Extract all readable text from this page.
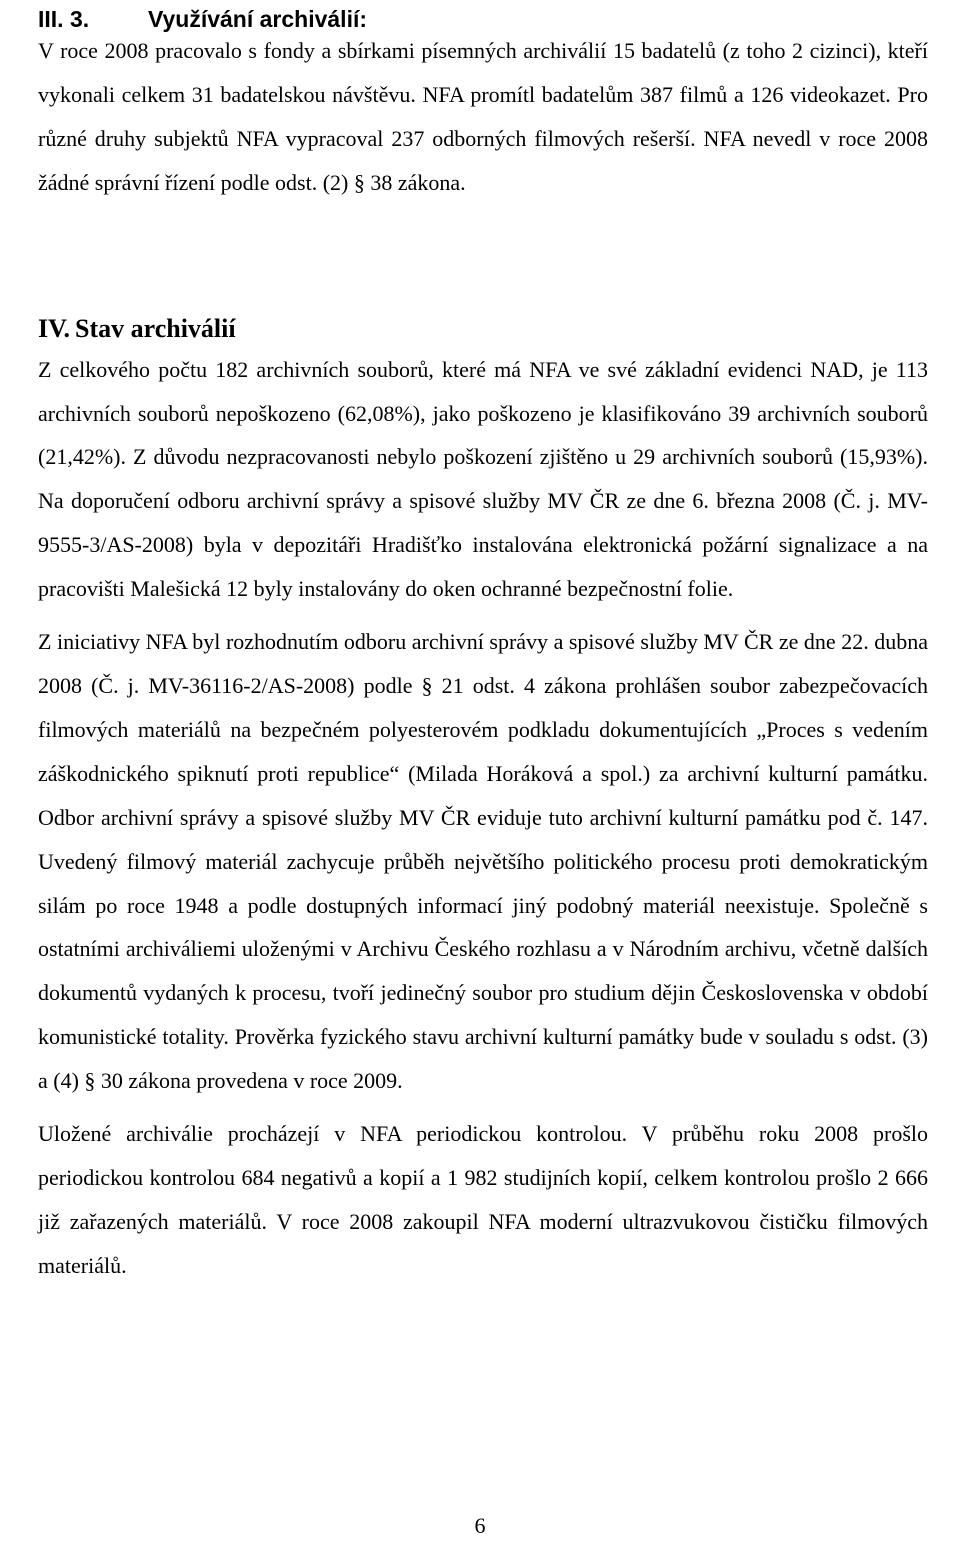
III. 3.	Využívání archiválií:

V roce 2008 pracovalo s fondy a sbírkami písemných archiválií 15 badatelů (z toho 2 cizinci), kteří vykonali celkem 31 badatelskou návštěvu. NFA promítl badatelům 387 filmů a 126 videokazet. Pro různé druhy subjektů NFA vypracoval 237 odborných filmových rešerší. NFA nevedl v roce 2008 žádné správní řízení podle odst. (2) § 38 zákona.

IV. Stav archiválií

Z celkového počtu 182 archivních souborů, které má NFA ve své základní evidenci NAD, je 113 archivních souborů nepoškozeno (62,08%), jako poškozeno je klasifikováno 39 archivních souborů (21,42%). Z důvodu nezpracovanosti nebylo poškození zjištěno u 29 archivních souborů (15,93%). Na doporučení odboru archivní správy a spisové služby MV ČR ze dne 6. března 2008 (Č. j. MV-9555-3/AS-2008) byla v depozitáři Hradišťko instalována elektronická požární signalizace a na pracovišti Malešická 12 byly instalovány do oken ochranné bezpečnostní folie.

Z iniciativy NFA byl rozhodnutím odboru archivní správy a spisové služby MV ČR ze dne 22. dubna 2008 (Č. j. MV-36116-2/AS-2008) podle § 21 odst. 4 zákona prohlášen soubor zabezpečovacích filmových materiálů na bezpečném polyesterovém podkladu dokumentujících „Proces s vedením záškodnického spiknutí proti republice“ (Milada Horáková a spol.) za archivní kulturní památku. Odbor archivní správy a spisové služby MV ČR eviduje tuto archivní kulturní památku pod č. 147. Uvedený filmový materiál zachycuje průběh největšího politického procesu proti demokratickým silám po roce 1948 a podle dostupných informací jiný podobný materiál neexistuje. Společně s ostatními archiváliemi uloženými v Archivu Českého rozhlasu a v Národním archivu, včetně dalších dokumentů vydaných k procesu, tvoří jedinečný soubor pro studium dějin Československa v období komunistické totality. Prověrka fyzického stavu archivní kulturní památky bude v souladu s odst. (3) a (4) § 30 zákona provedena v roce 2009.

Uložené archiválie procházejí v NFA periodickou kontrolou. V průběhu roku 2008 prošlo periodickou kontrolou 684 negativů a kopií a 1 982 studijních kopií, celkem kontrolou prošlo 2 666 již zařazených materiálů. V roce 2008 zakoupil NFA moderní ultrazvukovou čističku filmových materiálů.

6
